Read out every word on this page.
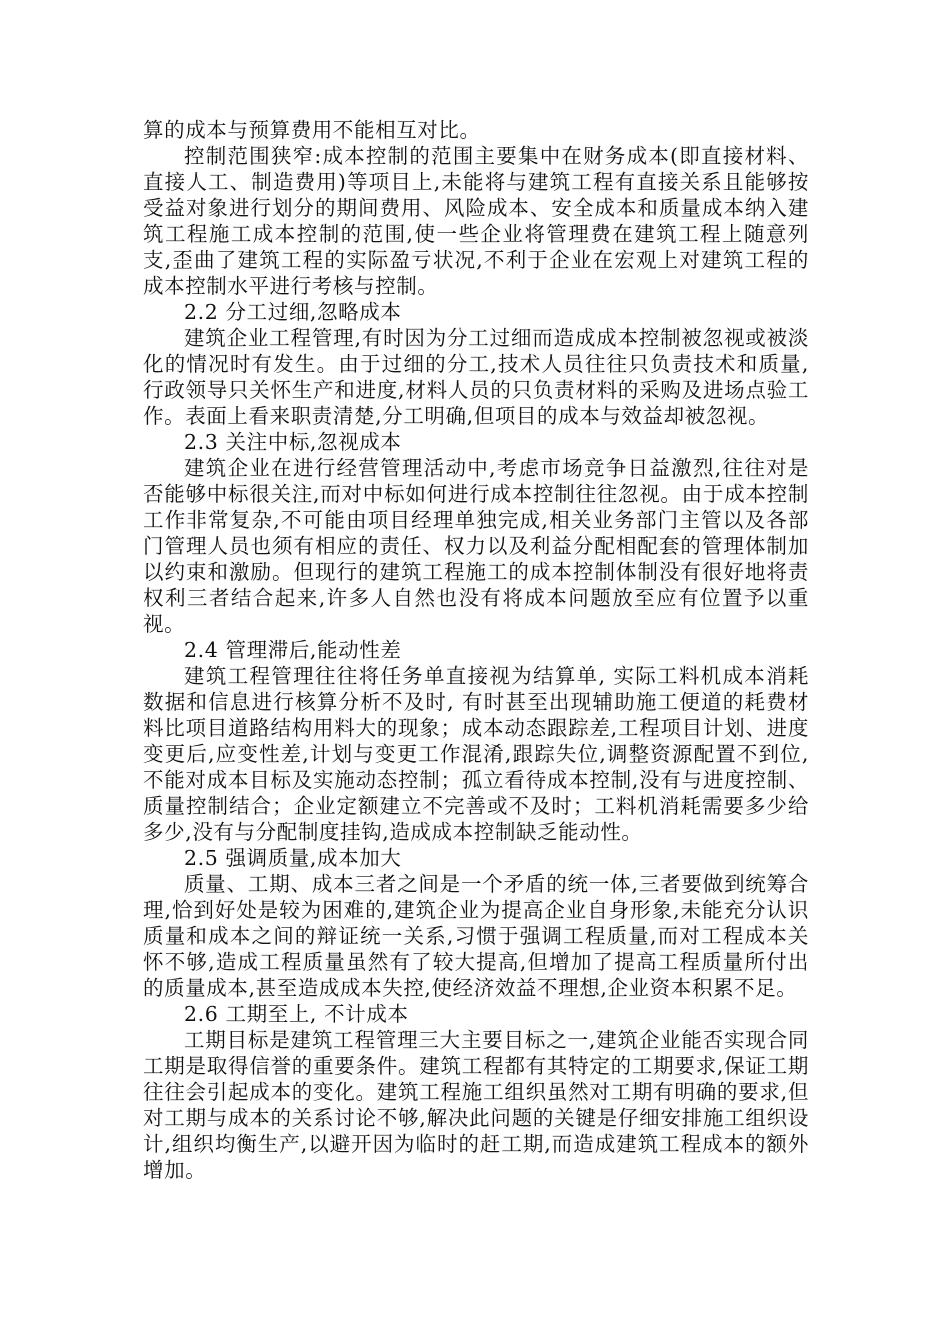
算的成本与预算费用不能相互对比。

控制范围狭窄:成本控制的范围主要集中在财务成本(即直接材料、直接人工、制造费用)等项目上,未能将与建筑工程有直接关系且能够按受益对象进行划分的期间费用、风险成本、安全成本和质量成本纳入建筑工程施工成本控制的范围,使一些企业将管理费在建筑工程上随意列支,歪曲了建筑工程的实际盈亏状况,不利于企业在宏观上对建筑工程的成本控制水平进行考核与控制。

2.2 分工过细,忽略成本

建筑企业工程管理,有时因为分工过细而造成成本控制被忽视或被淡化的情况时有发生。由于过细的分工,技术人员往往只负责技术和质量,行政领导只关怀生产和进度,材料人员的只负责材料的采购及进场点验工作。表面上看来职责清楚,分工明确,但项目的成本与效益却被忽视。

2.3 关注中标,忽视成本

建筑企业在进行经营管理活动中,考虑市场竞争日益激烈,往往对是否能够中标很关注,而对中标如何进行成本控制往往忽视。由于成本控制工作非常复杂,不可能由项目经理单独完成,相关业务部门主管以及各部门管理人员也须有相应的责任、权力以及利益分配相配套的管理体制加以约束和激励。但现行的建筑工程施工的成本控制体制没有很好地将责权利三者结合起来,许多人自然也没有将成本问题放至应有位置予以重视。

2.4 管理滞后,能动性差

建筑工程管理往往将任务单直接视为结算单, 实际工料机成本消耗数据和信息进行核算分析不及时, 有时甚至出现辅助施工便道的耗费材料比项目道路结构用料大的现象；成本动态跟踪差,工程项目计划、进度变更后,应变性差,计划与变更工作混淆,跟踪失位,调整资源配置不到位,不能对成本目标及实施动态控制；孤立看待成本控制,没有与进度控制、质量控制结合；企业定额建立不完善或不及时；工料机消耗需要多少给多少,没有与分配制度挂钩,造成成本控制缺乏能动性。

2.5 强调质量,成本加大

质量、工期、成本三者之间是一个矛盾的统一体,三者要做到统筹合理,恰到好处是较为困难的,建筑企业为提高企业自身形象,未能充分认识质量和成本之间的辩证统一关系,习惯于强调工程质量,而对工程成本关怀不够,造成工程质量虽然有了较大提高,但增加了提高工程质量所付出的质量成本,甚至造成成本失控,使经济效益不理想,企业资本积累不足。

2.6 工期至上, 不计成本

工期目标是建筑工程管理三大主要目标之一,建筑企业能否实现合同工期是取得信誉的重要条件。建筑工程都有其特定的工期要求,保证工期往往会引起成本的变化。建筑工程施工组织虽然对工期有明确的要求,但对工期与成本的关系讨论不够,解决此问题的关键是仔细安排施工组织设计,组织均衡生产,以避开因为临时的赶工期,而造成建筑工程成本的额外增加。
